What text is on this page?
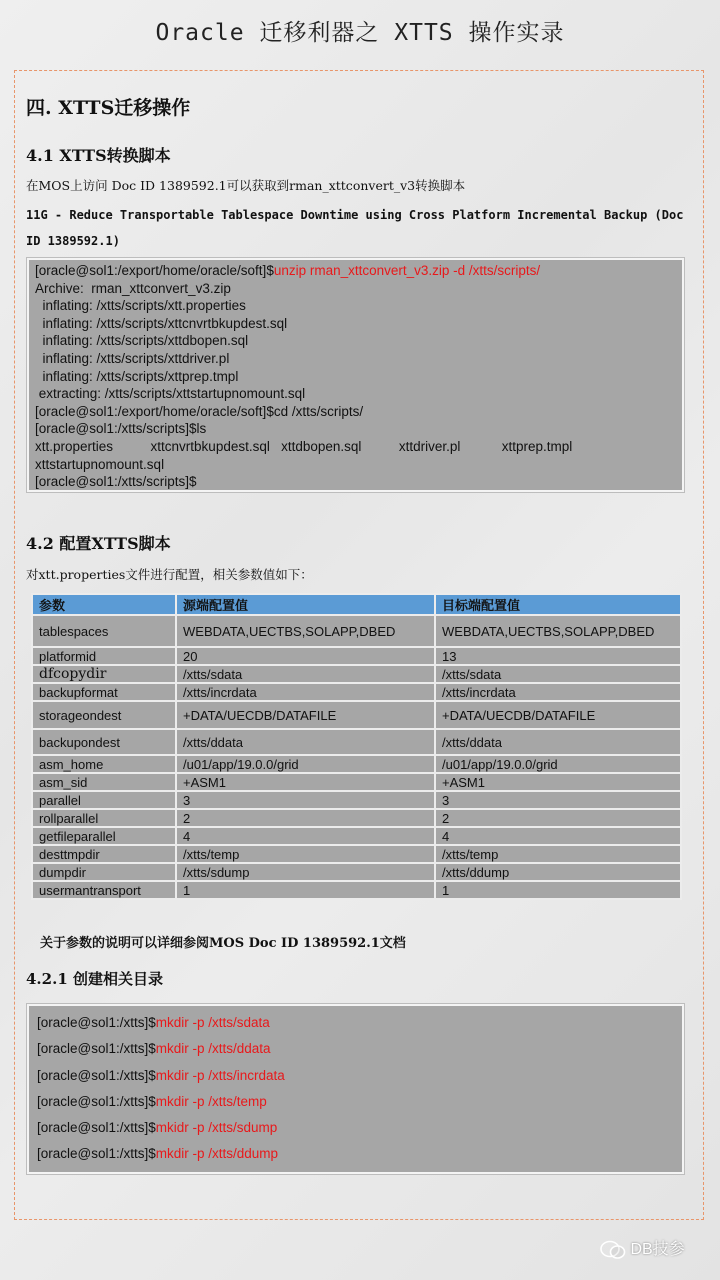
Oracle 迁移利器之 XTTS 操作实录
四. XTTS迁移操作
4.1 XTTS转换脚本
在MOS上访问 Doc ID 1389592.1可以获取到rman_xttconvert_v3转换脚本
11G - Reduce Transportable Tablespace Downtime using Cross Platform Incremental Backup (Doc ID 1389592.1)
[oracle@sol1:/export/home/oracle/soft]$unzip rman_xttconvert_v3.zip -d /xtts/scripts/
Archive:  rman_xttconvert_v3.zip
inflating: /xtts/scripts/xtt.properties
inflating: /xtts/scripts/xttcnvrtbkupdest.sql
inflating: /xtts/scripts/xttdbopen.sql
inflating: /xtts/scripts/xttdriver.pl
inflating: /xtts/scripts/xttprep.tmpl
extracting: /xtts/scripts/xttstartupnomount.sql
[oracle@sol1:/export/home/oracle/soft]$cd /xtts/scripts/
[oracle@sol1:/xtts/scripts]$ls
xtt.properties          xttcnvrtbkupdest.sql   xttdbopen.sql          xttdriver.pl           xttprep.tmpl
xttstartupnomount.sql
[oracle@sol1:/xtts/scripts]$
4.2 配置XTTS脚本
对xtt.properties文件进行配置，相关参数值如下：
参数	源端配置值	目标端配置值
tablespaces	WEBDATA,UECTBS,SOLAPP,DBED	WEBDATA,UECTBS,SOLAPP,DBED
platformid	20	13
dfcopydir	/xtts/sdata	/xtts/sdata
backupformat	/xtts/incrdata	/xtts/incrdata
storageondest	+DATA/UECDB/DATAFILE	+DATA/UECDB/DATAFILE
backupondest	/xtts/ddata	/xtts/ddata
asm_home	/u01/app/19.0.0/grid	/u01/app/19.0.0/grid
asm_sid	+ASM1	+ASM1
parallel	3	3
rollparallel	2	2
getfileparallel	4	4
desttmpdir	/xtts/temp	/xtts/temp
dumpdir	/xtts/sdump	/xtts/ddump
usermantransport	1	1
关于参数的说明可以详细参阅MOS Doc ID 1389592.1文档
4.2.1 创建相关目录
[oracle@sol1:/xtts]$mkdir -p /xtts/sdata
[oracle@sol1:/xtts]$mkdir -p /xtts/ddata
[oracle@sol1:/xtts]$mkdir -p /xtts/incrdata
[oracle@sol1:/xtts]$mkdir -p /xtts/temp
[oracle@sol1:/xtts]$mkidr -p /xtts/sdump
[oracle@sol1:/xtts]$mkdir -p /xtts/ddump
DB技参
